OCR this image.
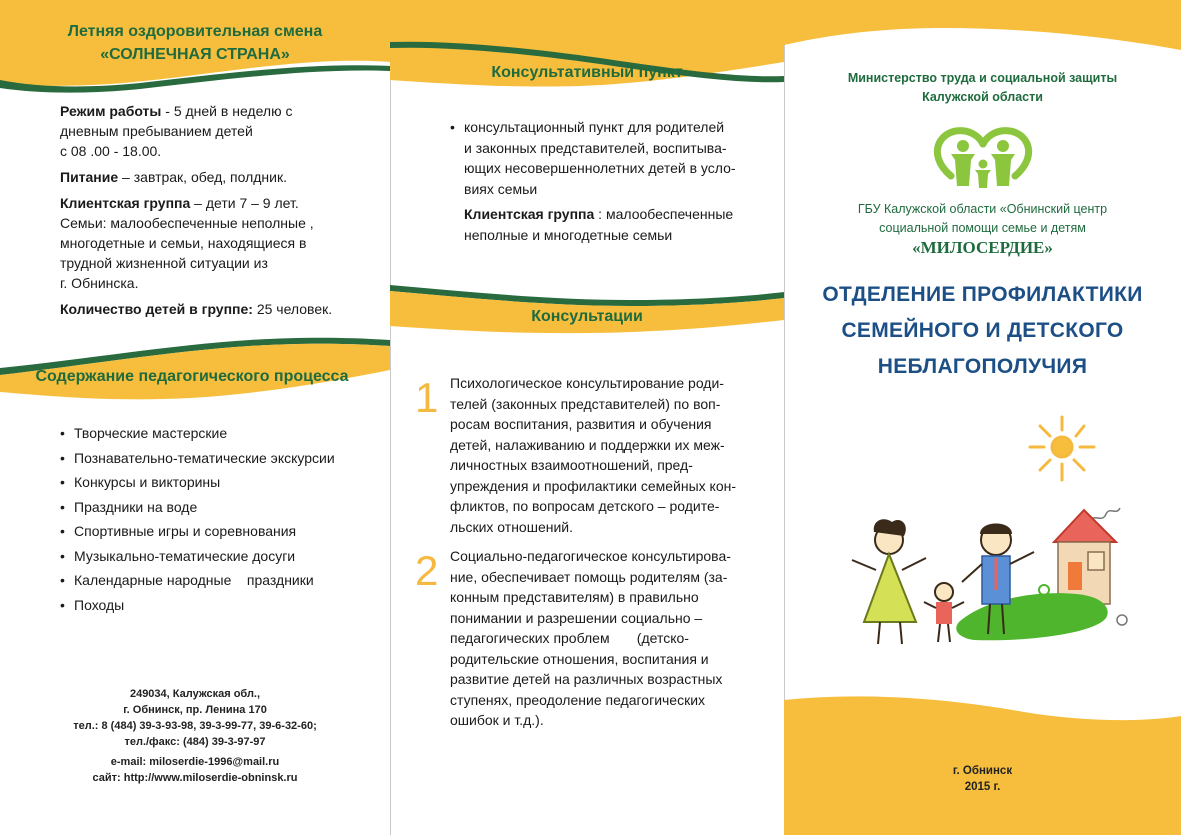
Летняя оздоровительная смена
«СОЛНЕЧНАЯ СТРАНА»

Режим работы - 5 дней в неделю с
дневным пребыванием детей
с 08 .00 - 18.00.

Питание – завтрак, обед, полдник.

Клиентская группа – дети 7 – 9 лет.
Семьи: малообеспеченные неполные ,
многодетные и семьи, находящиеся в
трудной жизненной ситуации из
г. Обнинска.

Количество детей в группе: 25 человек.

Содержание педагогического процесса
• Творческие мастерские
• Познавательно-тематические экскурсии
• Конкурсы и викторины
• Праздники на воде
• Спортивные игры и соревнования
• Музыкально-тематические досуги
• Календарные народные    праздники
• Походы
249034, Калужская обл.,
г. Обнинск, пр. Ленина 170
тел.: 8 (484) 39-3-93-98, 39-3-99-77, 39-6-32-60;
тел./факс: (484) 39-3-97-97
e-mail: miloserdie-1996@mail.ru
сайт: http://www.miloserdie-obninsk.ru
Консультативный пункт
• консультационный пункт для родителей
и законных представителей, воспитыва-
ющих несовершеннолетних детей в усло-
виях семьи
Клиентская группа : малообеспеченные
неполные и многодетные семьи
Консультации
1 Психологическое консультирование роди-
телей (законных представителей) по воп-
росам воспитания, развития и обучения
детей, налаживанию и поддержки их меж-
личностных взаимоотношений, пред-
упреждения и профилактики семейных кон-
фликтов, по вопросам детского – родите-
льских отношений.
2 Социально-педагогическое консультирова-
ние, обеспечивает помощь родителям (за-
конным представителям) в правильно
понимании и разрешении социально –
педагогических проблем       (детско-
родительские отношения, воспитания и
развитие детей на различных возрастных
ступенях, преодоление педагогических
ошибок и т.д.).
Министерство труда и социальной защиты
Калужской области
ГБУ Калужской области «Обнинский центр
социальной помощи семье и детям
«МИЛОСЕРДИЕ»
ОТДЕЛЕНИЕ ПРОФИЛАКТИКИ
СЕМЕЙНОГО И ДЕТСКОГО
НЕБЛАГОПОЛУЧИЯ
г. Обнинск
2015 г.
